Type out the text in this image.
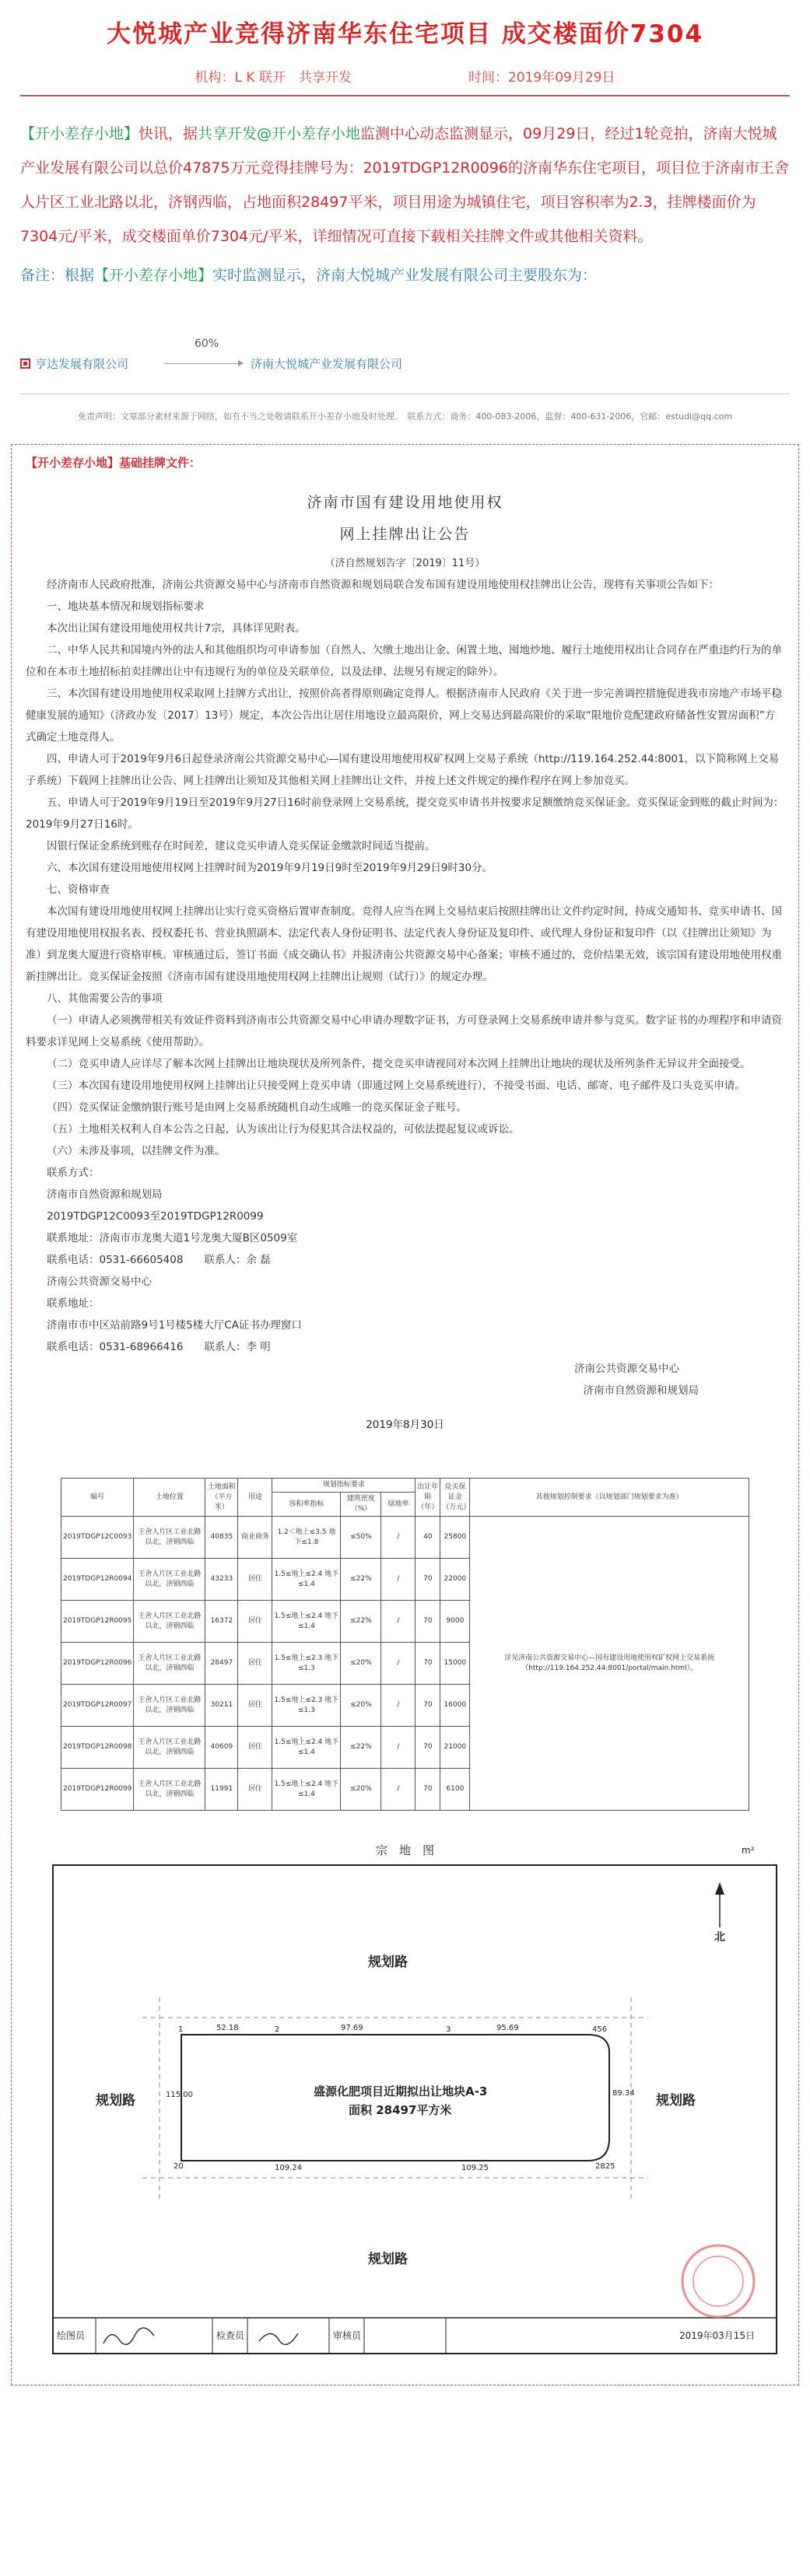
大悦城产业竞得济南华东住宅项目 成交楼面价7304
机构：L K 联开　共享开发	时间：2019年09月29日
【开小差存小地】快讯，据共享开发@开小差存小地监测中心动态监测显示，09月29日，经过1轮竞拍，济南大悦城产业发展有限公司以总价47875万元竞得挂牌号为：2019TDGP12R0096的济南华东住宅项目，项目位于济南市王舍人片区工业北路以北，济钢西临，占地面积28497平米，项目用途为城镇住宅，项目容积率为2.3，挂牌楼面价为7304元/平米，成交楼面单价7304元/平米，详细情况可直接下载相关挂牌文件或其他相关资料。
备注：根据【开小差存小地】实时监测显示，济南大悦城产业发展有限公司主要股东为：
亨达发展有限公司
60%
济南大悦城产业发展有限公司
免责声明：文章部分素材来源于网络，如有不当之处敬请联系开小差存小地及时处理。　联系方式：商务：400-083-2006，监督：400-631-2006，官邮：estudi@qq.com
【开小差存小地】基础挂牌文件：
济南市国有建设用地使用权
网上挂牌出让公告
（济自然规划告字〔2019〕11号）

经济南市人民政府批准，济南公共资源交易中心与济南市自然资源和规划局联合发布国有建设用地使用权挂牌出让公告，现将有关事项公告如下：

一、地块基本情况和规划指标要求

本次出让国有建设用地使用权共计7宗，具体详见附表。

二、中华人民共和国境内外的法人和其他组织均可申请参加（自然人、欠缴土地出让金、闲置土地、囤地炒地、履行土地使用权出让合同存在严重违约行为的单位和在本市土地招标拍卖挂牌出让中有违规行为的单位及关联单位，以及法律、法规另有规定的除外）。

三、本次国有建设用地使用权采取网上挂牌方式出让，按照价高者得原则确定竞得人。根据济南市人民政府《关于进一步完善调控措施促进我市房地产市场平稳健康发展的通知》（济政办发〔2017〕13号）规定，本次公告出让居住用地设立最高限价，网上交易达到最高限价的采取“限地价竞配建政府储备性安置房面积”方式确定土地竞得人。

四、申请人可于2019年9月6日起登录济南公共资源交易中心—国有建设用地使用权矿权网上交易子系统（http://119.164.252.44:8001，以下简称网上交易子系统）下载网上挂牌出让公告、网上挂牌出让须知及其他相关网上挂牌出让文件，并按上述文件规定的操作程序在网上参加竞买。

五、申请人可于2019年9月19日至2019年9月27日16时前登录网上交易系统，提交竞买申请书并按要求足额缴纳竞买保证金。竞买保证金到账的截止时间为：2019年9月27日16时。

因银行保证金系统到账存在时间差，建议竞买申请人竞买保证金缴款时间适当提前。

六、本次国有建设用地使用权网上挂牌时间为2019年9月19日9时至2019年9月29日9时30分。

七、资格审查

本次国有建设用地使用权网上挂牌出让实行竞买资格后置审查制度。竞得人应当在网上交易结束后按照挂牌出让文件约定时间，持成交通知书、竞买申请书、国有建设用地使用权报名表、授权委托书、营业执照副本、法定代表人身份证明书、法定代表人身份证及复印件、或代理人身份证和复印件（以《挂牌出让须知》为准）到龙奥大厦进行资格审核。审核通过后，签订书面《成交确认书》并报济南公共资源交易中心备案；审核不通过的，竞价结果无效，该宗国有建设用地使用权重新挂牌出让。竞买保证金按照《济南市国有建设用地使用权网上挂牌出让规则（试行）》的规定办理。

八、其他需要公告的事项

（一）申请人必须携带相关有效证件资料到济南市公共资源交易中心申请办理数字证书，方可登录网上交易系统申请并参与竞买。数字证书的办理程序和申请资料要求详见网上交易系统《使用帮助》。

（二）竞买申请人应详尽了解本次网上挂牌出让地块现状及所列条件，提交竞买申请视同对本次网上挂牌出让地块的现状及所列条件无异议并全面接受。

（三）本次国有建设用地使用权网上挂牌出让只接受网上竞买申请（即通过网上交易系统进行），不接受书面、电话、邮寄、电子邮件及口头竞买申请。

（四）竞买保证金缴纳银行账号是由网上交易系统随机自动生成唯一的竞买保证金子账号。

（五）土地相关权利人自本公告之日起，认为该出让行为侵犯其合法权益的，可依法提起复议或诉讼。

（六）未涉及事项，以挂牌文件为准。

联系方式：

济南市自然资源和规划局

2019TDGP12C0093至2019TDGP12R0099

联系地址：济南市市龙奥大道1号龙奥大厦B区0509室

联系电话：0531-66605408　　联系人：余 磊

济南公共资源交易中心

联系地址：

济南市市中区站前路9号1号楼5楼大厅CA证书办理窗口

联系电话：0531-68966416　　联系人：李 明

济南公共资源交易中心
济南市自然资源和规划局
2019年8月30日
编号	土地位置	土地面积（平方米）	用途	规划指标要求			出让年限（年）	竞买保证金（万元）	其他规划控制要求（以规划部门规划要求为准）
				容积率指标	建筑密度（%）	绿地率			
2019TDGP12C0093	王舍人片区工业北路以北，济钢西临	40835	商业商务	1.2＜地上≤3.5 地下≤1.8	≤50%	/	40	25800	详见济南公共资源交易中心—国有建设用地使用权矿权网上交易系统（http://119.164.252.44:8001/portal/main.html）。
2019TDGP12R0094	王舍人片区工业北路以北，济钢西临	43233	居住	1.5≤地上≤2.4 地下≤1.4	≤22%	/	70	22000	
2019TDGP12R0095	王舍人片区工业北路以北，济钢西临	16372	居住	1.5≤地上≤2.4 地下≤1.4	≤22%	/	70	9000	
2019TDGP12R0096	王舍人片区工业北路以北，济钢西临	28497	居住	1.5≤地上≤2.3 地下≤1.3	≤20%	/	70	15000	
2019TDGP12R0097	王舍人片区工业北路以北，济钢西临	30211	居住	1.5≤地上≤2.3 地下≤1.3	≤20%	/	70	16000	
2019TDGP12R0098	王舍人片区工业北路以北，济钢西临	40609	居住	1.5≤地上≤2.4 地下≤1.4	≤22%	/	70	21000	
2019TDGP12R0099	王舍人片区工业北路以北，济钢西临	11991	居住	1.5≤地上≤2.4 地下≤1.4	≤20%	/	70	6100	
宗　地　图	m²
北
规划路
规划路
规划路
规划路
盛源化肥项目近期拟出让地块A-3
面积 28497平方米
52.18	97.69	95.69
115.00
109.24	109.25
89.34
1	2	3	456
2825
20
绘图员	检查员	审核员	2019年03月15日
